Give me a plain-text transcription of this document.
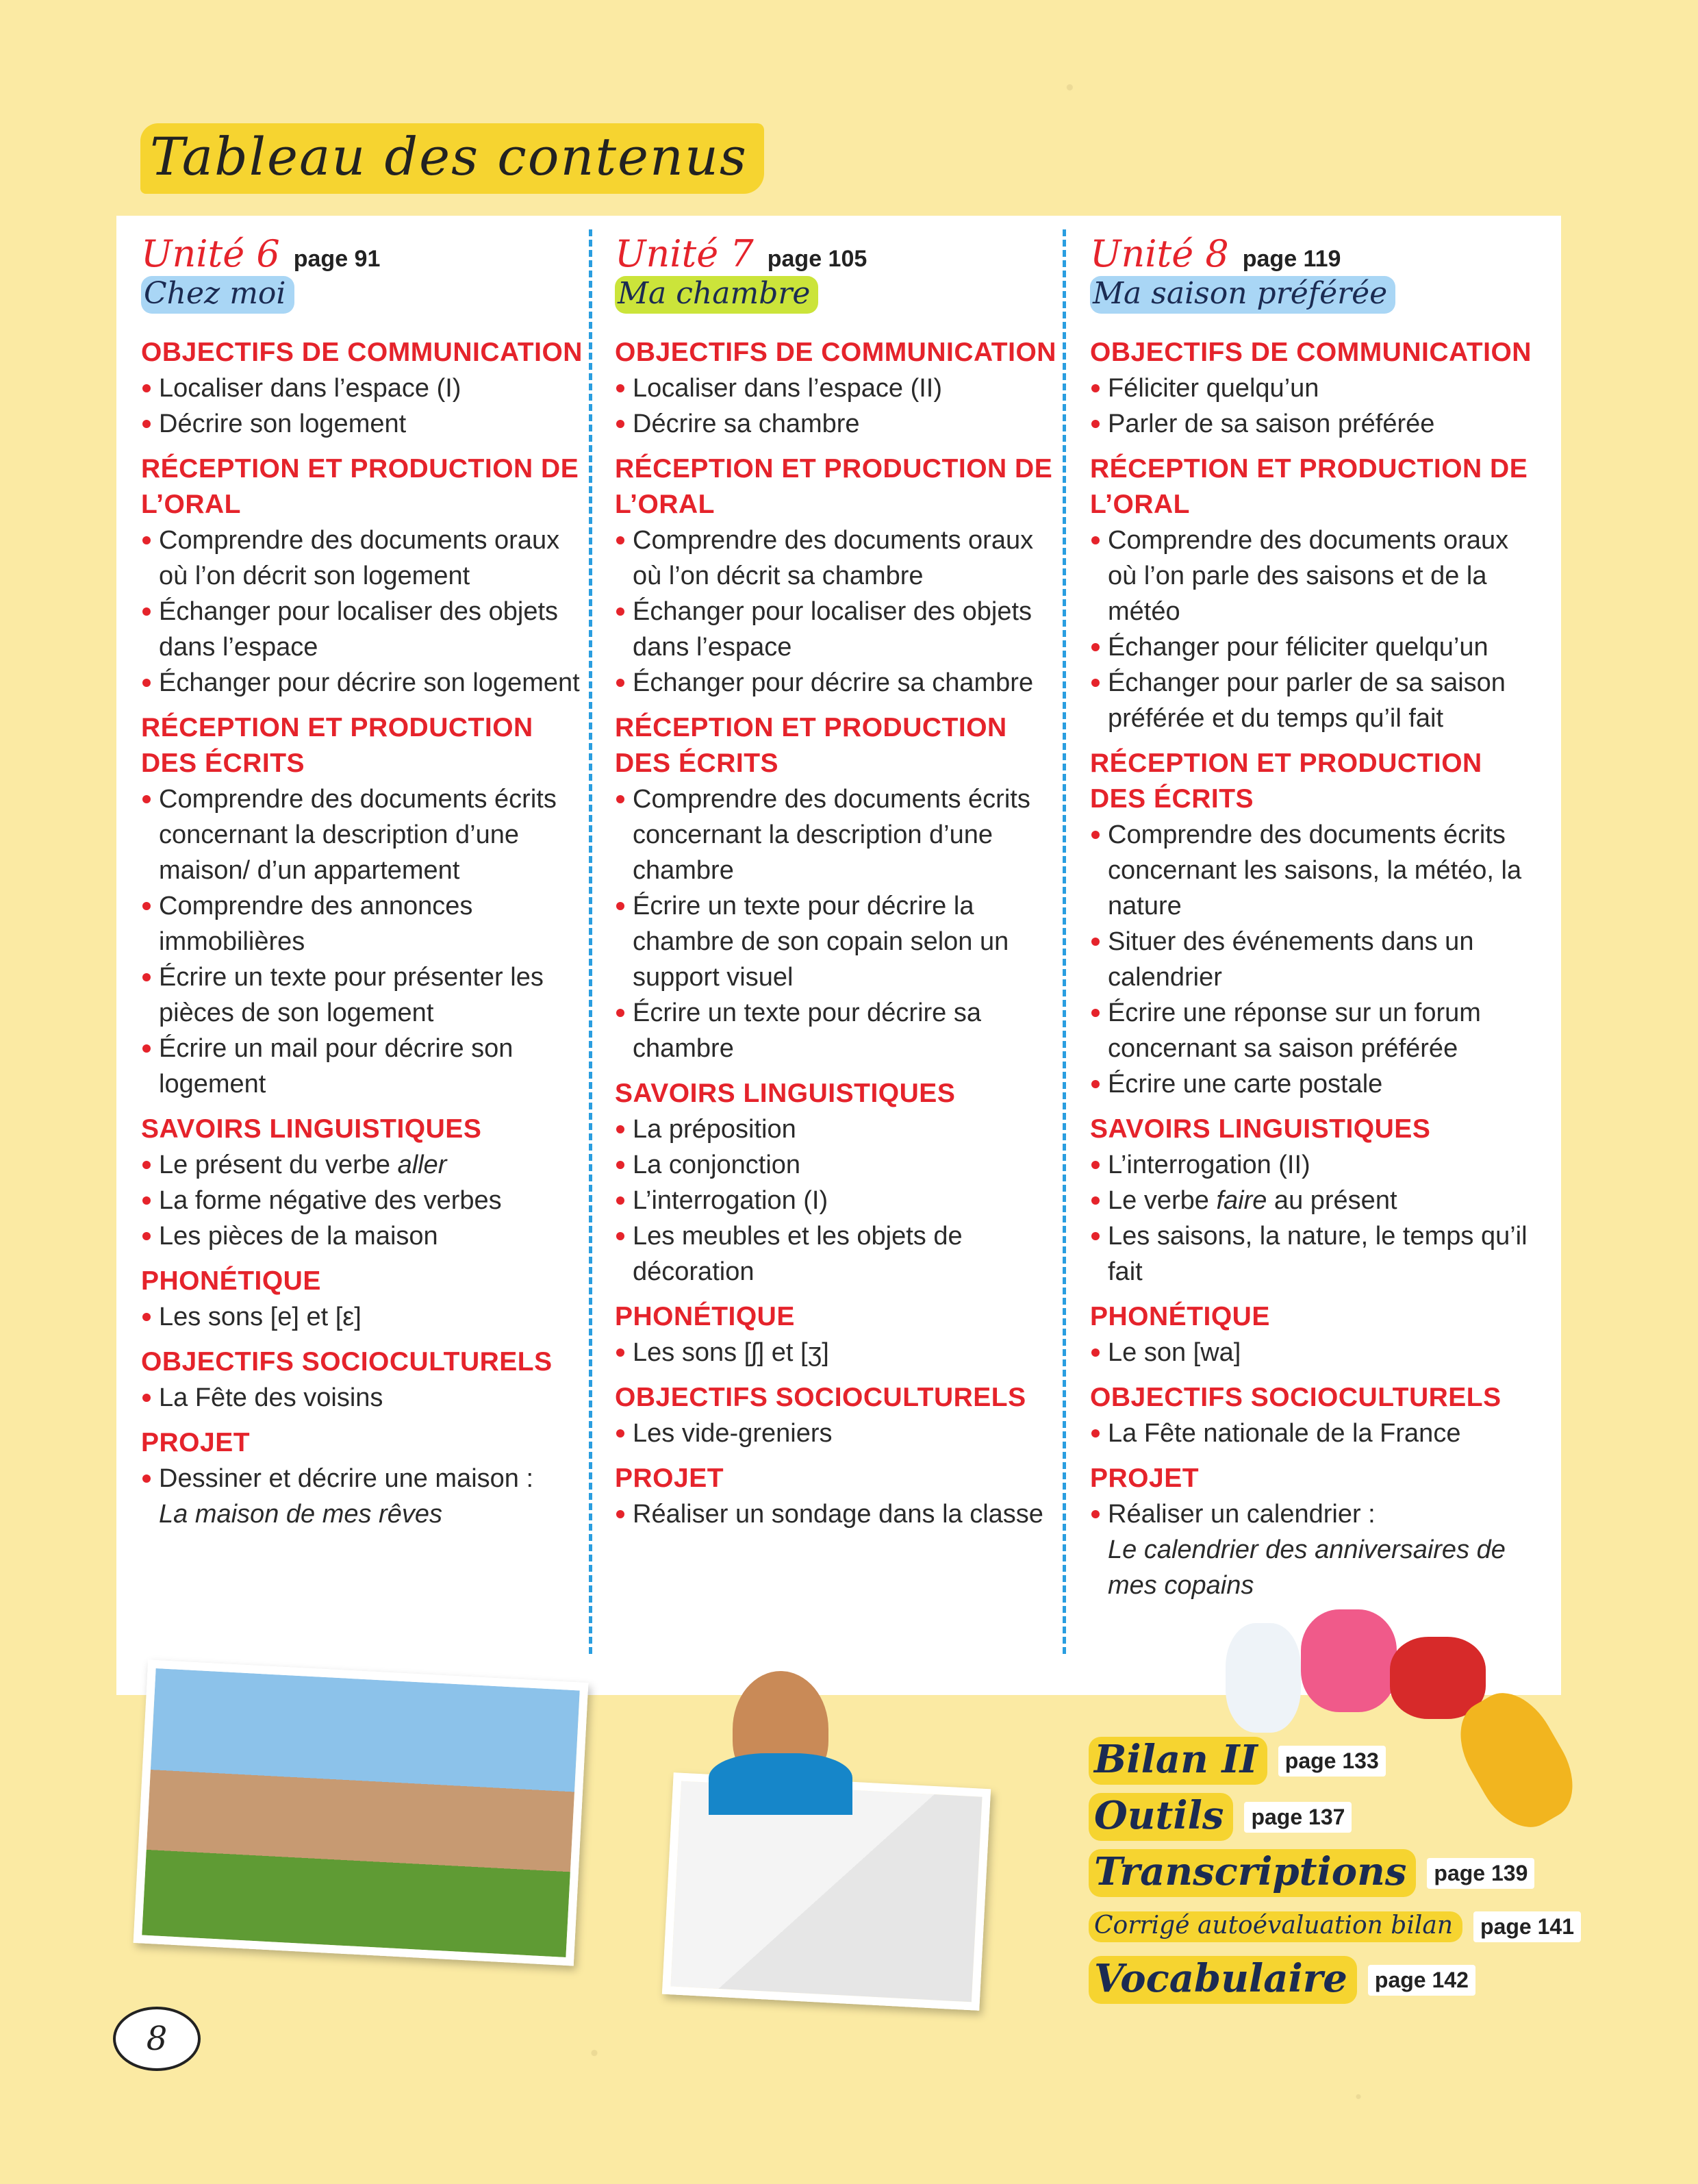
Tableau des contenus
Unité 6 page 91
Chez moi
OBJECTIFS DE COMMUNICATION
Localiser dans l’espace (I)
Décrire son logement
RÉCEPTION ET PRODUCTION DE L’ORAL
Comprendre des documents oraux où l’on décrit son logement
Échanger pour localiser des objets dans l’espace
Échanger pour décrire son logement
RÉCEPTION ET PRODUCTION DES ÉCRITS
Comprendre des documents écrits concernant la description d’une maison/ d’un appartement
Comprendre des annonces immobilières
Écrire un texte pour présenter les pièces de son logement
Écrire un mail pour décrire son logement
SAVOIRS LINGUISTIQUES
Le présent du verbe aller
La forme négative des verbes
Les pièces de la maison
PHONÉTIQUE
Les sons [e] et [ε]
OBJECTIFS SOCIOCULTURELS
La Fête des voisins
PROJET
Dessiner et décrire une maison :
La maison de mes rêves
Unité 7 page 105
Ma chambre
OBJECTIFS DE COMMUNICATION
Localiser dans l’espace (II)
Décrire sa chambre
RÉCEPTION ET PRODUCTION DE L’ORAL
Comprendre des documents oraux où l’on décrit sa chambre
Échanger pour localiser des objets dans l’espace
Échanger pour décrire sa chambre
RÉCEPTION ET PRODUCTION DES ÉCRITS
Comprendre des documents écrits concernant la description d’une chambre
Écrire un texte pour décrire la chambre de son copain selon un support visuel
Écrire un texte pour décrire sa chambre
SAVOIRS LINGUISTIQUES
La préposition
La conjonction
L’interrogation (I)
Les meubles et les objets de décoration
PHONÉTIQUE
Les sons [ʃ] et [ʒ]
OBJECTIFS SOCIOCULTURELS
Les vide-greniers
PROJET
Réaliser un sondage dans la classe
Unité 8 page 119
Ma saison préférée
OBJECTIFS DE COMMUNICATION
Féliciter quelqu’un
Parler de sa saison préférée
RÉCEPTION ET PRODUCTION DE L’ORAL
Comprendre des documents oraux où l’on parle des saisons et de la météo
Échanger pour féliciter quelqu’un
Échanger pour parler de sa saison préférée et du temps qu’il fait
RÉCEPTION ET PRODUCTION DES ÉCRITS
Comprendre des documents écrits concernant les saisons, la météo, la nature
Situer des événements dans un calendrier
Écrire une réponse sur un forum concernant sa saison préférée
Écrire une carte postale
SAVOIRS LINGUISTIQUES
L’interrogation (II)
Le verbe faire au présent
Les saisons, la nature, le temps qu’il fait
PHONÉTIQUE
Le son [wa]
OBJECTIFS SOCIOCULTURELS
La Fête nationale de la France
PROJET
Réaliser un calendrier :
Le calendrier des anniversaires de mes copains
Bilan II	page 133
Outils	page 137
Transcriptions	page 139
Corrigé autoévaluation bilan	page 141
Vocabulaire	page 142
8
